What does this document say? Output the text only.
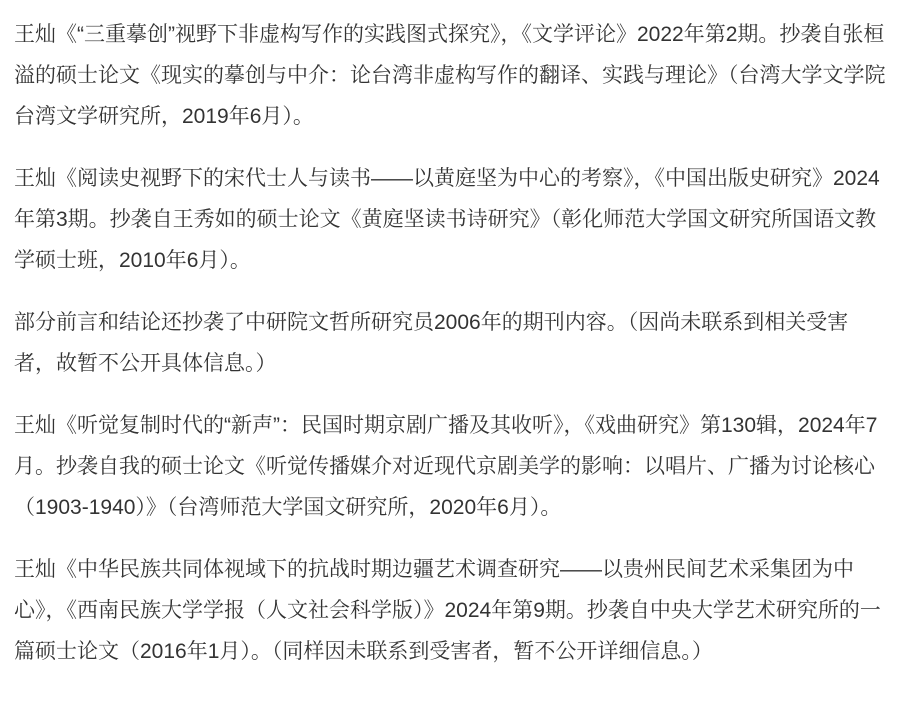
王灿《“三重摹创”视野下非虚构写作的实践图式探究》，《文学评论》2022年第2期。抄袭自张桓溢的硕士论文《现实的摹创与中介：论台湾非虚构写作的翻译、实践与理论》（台湾大学文学院台湾文学研究所，2019年6月）。

王灿《阅读史视野下的宋代士人与读书——以黄庭坚为中心的考察》，《中国出版史研究》2024年第3期。抄袭自王秀如的硕士论文《黄庭坚读书诗研究》（彰化师范大学国文研究所国语文教学硕士班，2010年6月）。

部分前言和结论还抄袭了中研院文哲所研究员2006年的期刊内容。（因尚未联系到相关受害者，故暂不公开具体信息。）

王灿《听觉复制时代的“新声”：民国时期京剧广播及其收听》，《戏曲研究》第130辑，2024年7月。抄袭自我的硕士论文《听觉传播媒介对近现代京剧美学的影响：以唱片、广播为讨论核心（1903-1940）》（台湾师范大学国文研究所，2020年6月）。

王灿《中华民族共同体视域下的抗战时期边疆艺术调查研究——以贵州民间艺术采集团为中心》，《西南民族大学学报（人文社会科学版）》2024年第9期。抄袭自中央大学艺术研究所的一篇硕士论文（2016年1月）。（同样因未联系到受害者，暂不公开详细信息。）
